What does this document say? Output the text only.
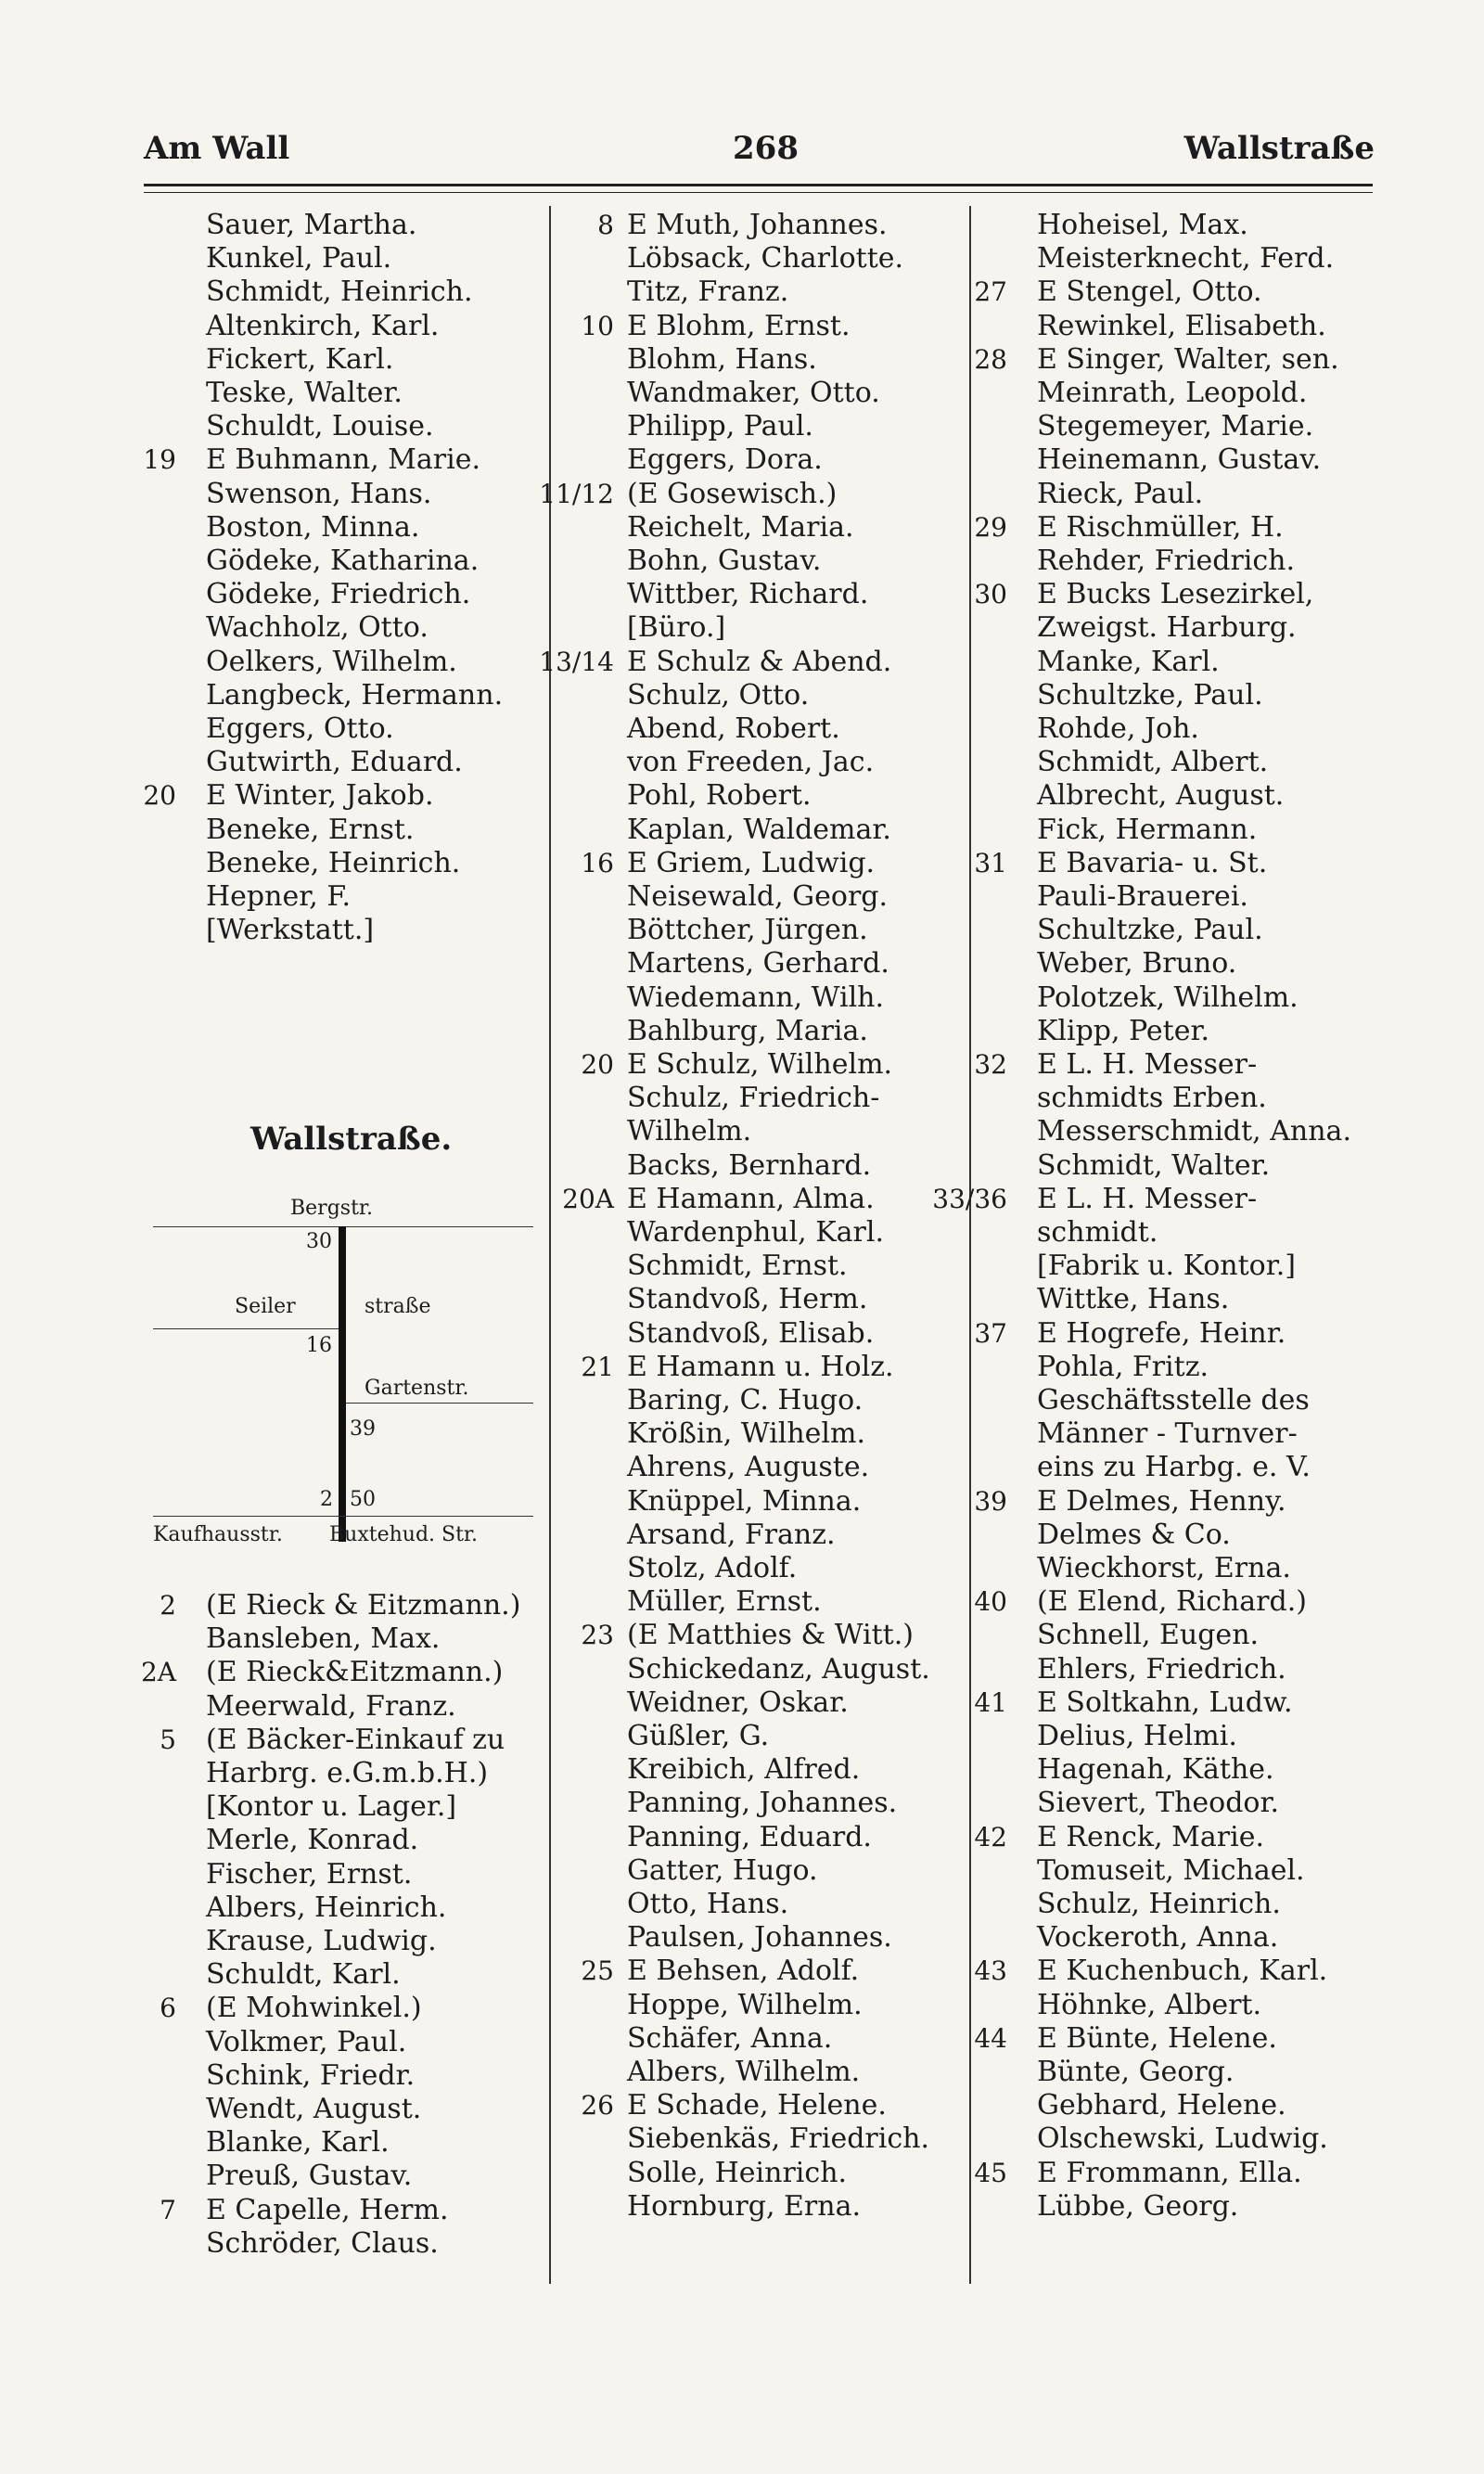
Am Wall	268	Wallstraße
Sauer, Martha.
Kunkel, Paul.
Schmidt, Heinrich.
Altenkirch, Karl.
Fickert, Karl.
Teske, Walter.
Schuldt, Louise.
19 E Buhmann, Marie.
Swenson, Hans.
Boston, Minna.
Gödeke, Katharina.
Gödeke, Friedrich.
Wachholz, Otto.
Oelkers, Wilhelm.
Langbeck, Hermann.
Eggers, Otto.
Gutwirth, Eduard.
20 E Winter, Jakob.
Beneke, Ernst.
Beneke, Heinrich.
Hepner, F.
[Werkstatt.]
2 (E Rieck & Eitzmann.)
Bansleben, Max.
2A (E Rieck&Eitzmann.)
Meerwald, Franz.
5 (E Bäcker-Einkauf zu
Harbrg. e.G.m.b.H.)
[Kontor u. Lager.]
Merle, Konrad.
Fischer, Ernst.
Albers, Heinrich.
Krause, Ludwig.
Schuldt, Karl.
6 (E Mohwinkel.)
Volkmer, Paul.
Schink, Friedr.
Wendt, August.
Blanke, Karl.
Preuß, Gustav.
7 E Capelle, Herm.
Schröder, Claus.
8 E Muth, Johannes.
Löbsack, Charlotte.
Titz, Franz.
10 E Blohm, Ernst.
Blohm, Hans.
Wandmaker, Otto.
Philipp, Paul.
Eggers, Dora.
11/12 (E Gosewisch.)
Reichelt, Maria.
Bohn, Gustav.
Wittber, Richard.
[Büro.]
13/14 E Schulz & Abend.
Schulz, Otto.
Abend, Robert.
von Freeden, Jac.
Pohl, Robert.
Kaplan, Waldemar.
16 E Griem, Ludwig.
Neisewald, Georg.
Böttcher, Jürgen.
Martens, Gerhard.
Wiedemann, Wilh.
Bahlburg, Maria.
20 E Schulz, Wilhelm.
Schulz, Friedrich-
Wilhelm.
Backs, Bernhard.
20A E Hamann, Alma.
Wardenphul, Karl.
Schmidt, Ernst.
Standvoß, Herm.
Standvoß, Elisab.
21 E Hamann u. Holz.
Baring, C. Hugo.
Krößin, Wilhelm.
Ahrens, Auguste.
Knüppel, Minna.
Arsand, Franz.
Stolz, Adolf.
Müller, Ernst.
23 (E Matthies & Witt.)
Schickedanz, August.
Weidner, Oskar.
Güßler, G.
Kreibich, Alfred.
Panning, Johannes.
Panning, Eduard.
Gatter, Hugo.
Otto, Hans.
Paulsen, Johannes.
25 E Behsen, Adolf.
Hoppe, Wilhelm.
Schäfer, Anna.
Albers, Wilhelm.
26 E Schade, Helene.
Siebenkäs, Friedrich.
Solle, Heinrich.
Hornburg, Erna.
Hoheisel, Max.
Meisterknecht, Ferd.
27 E Stengel, Otto.
Rewinkel, Elisabeth.
28 E Singer, Walter, sen.
Meinrath, Leopold.
Stegemeyer, Marie.
Heinemann, Gustav.
Rieck, Paul.
29 E Rischmüller, H.
Rehder, Friedrich.
30 E Bucks Lesezirkel,
Zweigst. Harburg.
Manke, Karl.
Schultzke, Paul.
Rohde, Joh.
Schmidt, Albert.
Albrecht, August.
Fick, Hermann.
31 E Bavaria- u. St.
Pauli-Brauerei.
Schultzke, Paul.
Weber, Bruno.
Polotzek, Wilhelm.
Klipp, Peter.
32 E L. H. Messer-
schmidts Erben.
Messerschmidt, Anna.
Schmidt, Walter.
33/36 E L. H. Messer-
schmidt.
[Fabrik u. Kontor.]
Wittke, Hans.
37 E Hogrefe, Heinr.
Pohla, Fritz.
Geschäftsstelle des
Männer - Turnver-
eins zu Harbg. e. V.
39 E Delmes, Henny.
Delmes & Co.
Wieckhorst, Erna.
40 (E Elend, Richard.)
Schnell, Eugen.
Ehlers, Friedrich.
41 E Soltkahn, Ludw.
Delius, Helmi.
Hagenah, Käthe.
Sievert, Theodor.
42 E Renck, Marie.
Tomuseit, Michael.
Schulz, Heinrich.
Vockeroth, Anna.
43 E Kuchenbuch, Karl.
Höhnke, Albert.
44 E Bünte, Helene.
Bünte, Georg.
Gebhard, Helene.
Olschewski, Ludwig.
45 E Frommann, Ella.
Lübbe, Georg.
Wallstraße.
Bergstr.
30
Seiler	straße
16
Gartenstr.
39
2 50
Kaufhausstr. Buxtehud. Str.
